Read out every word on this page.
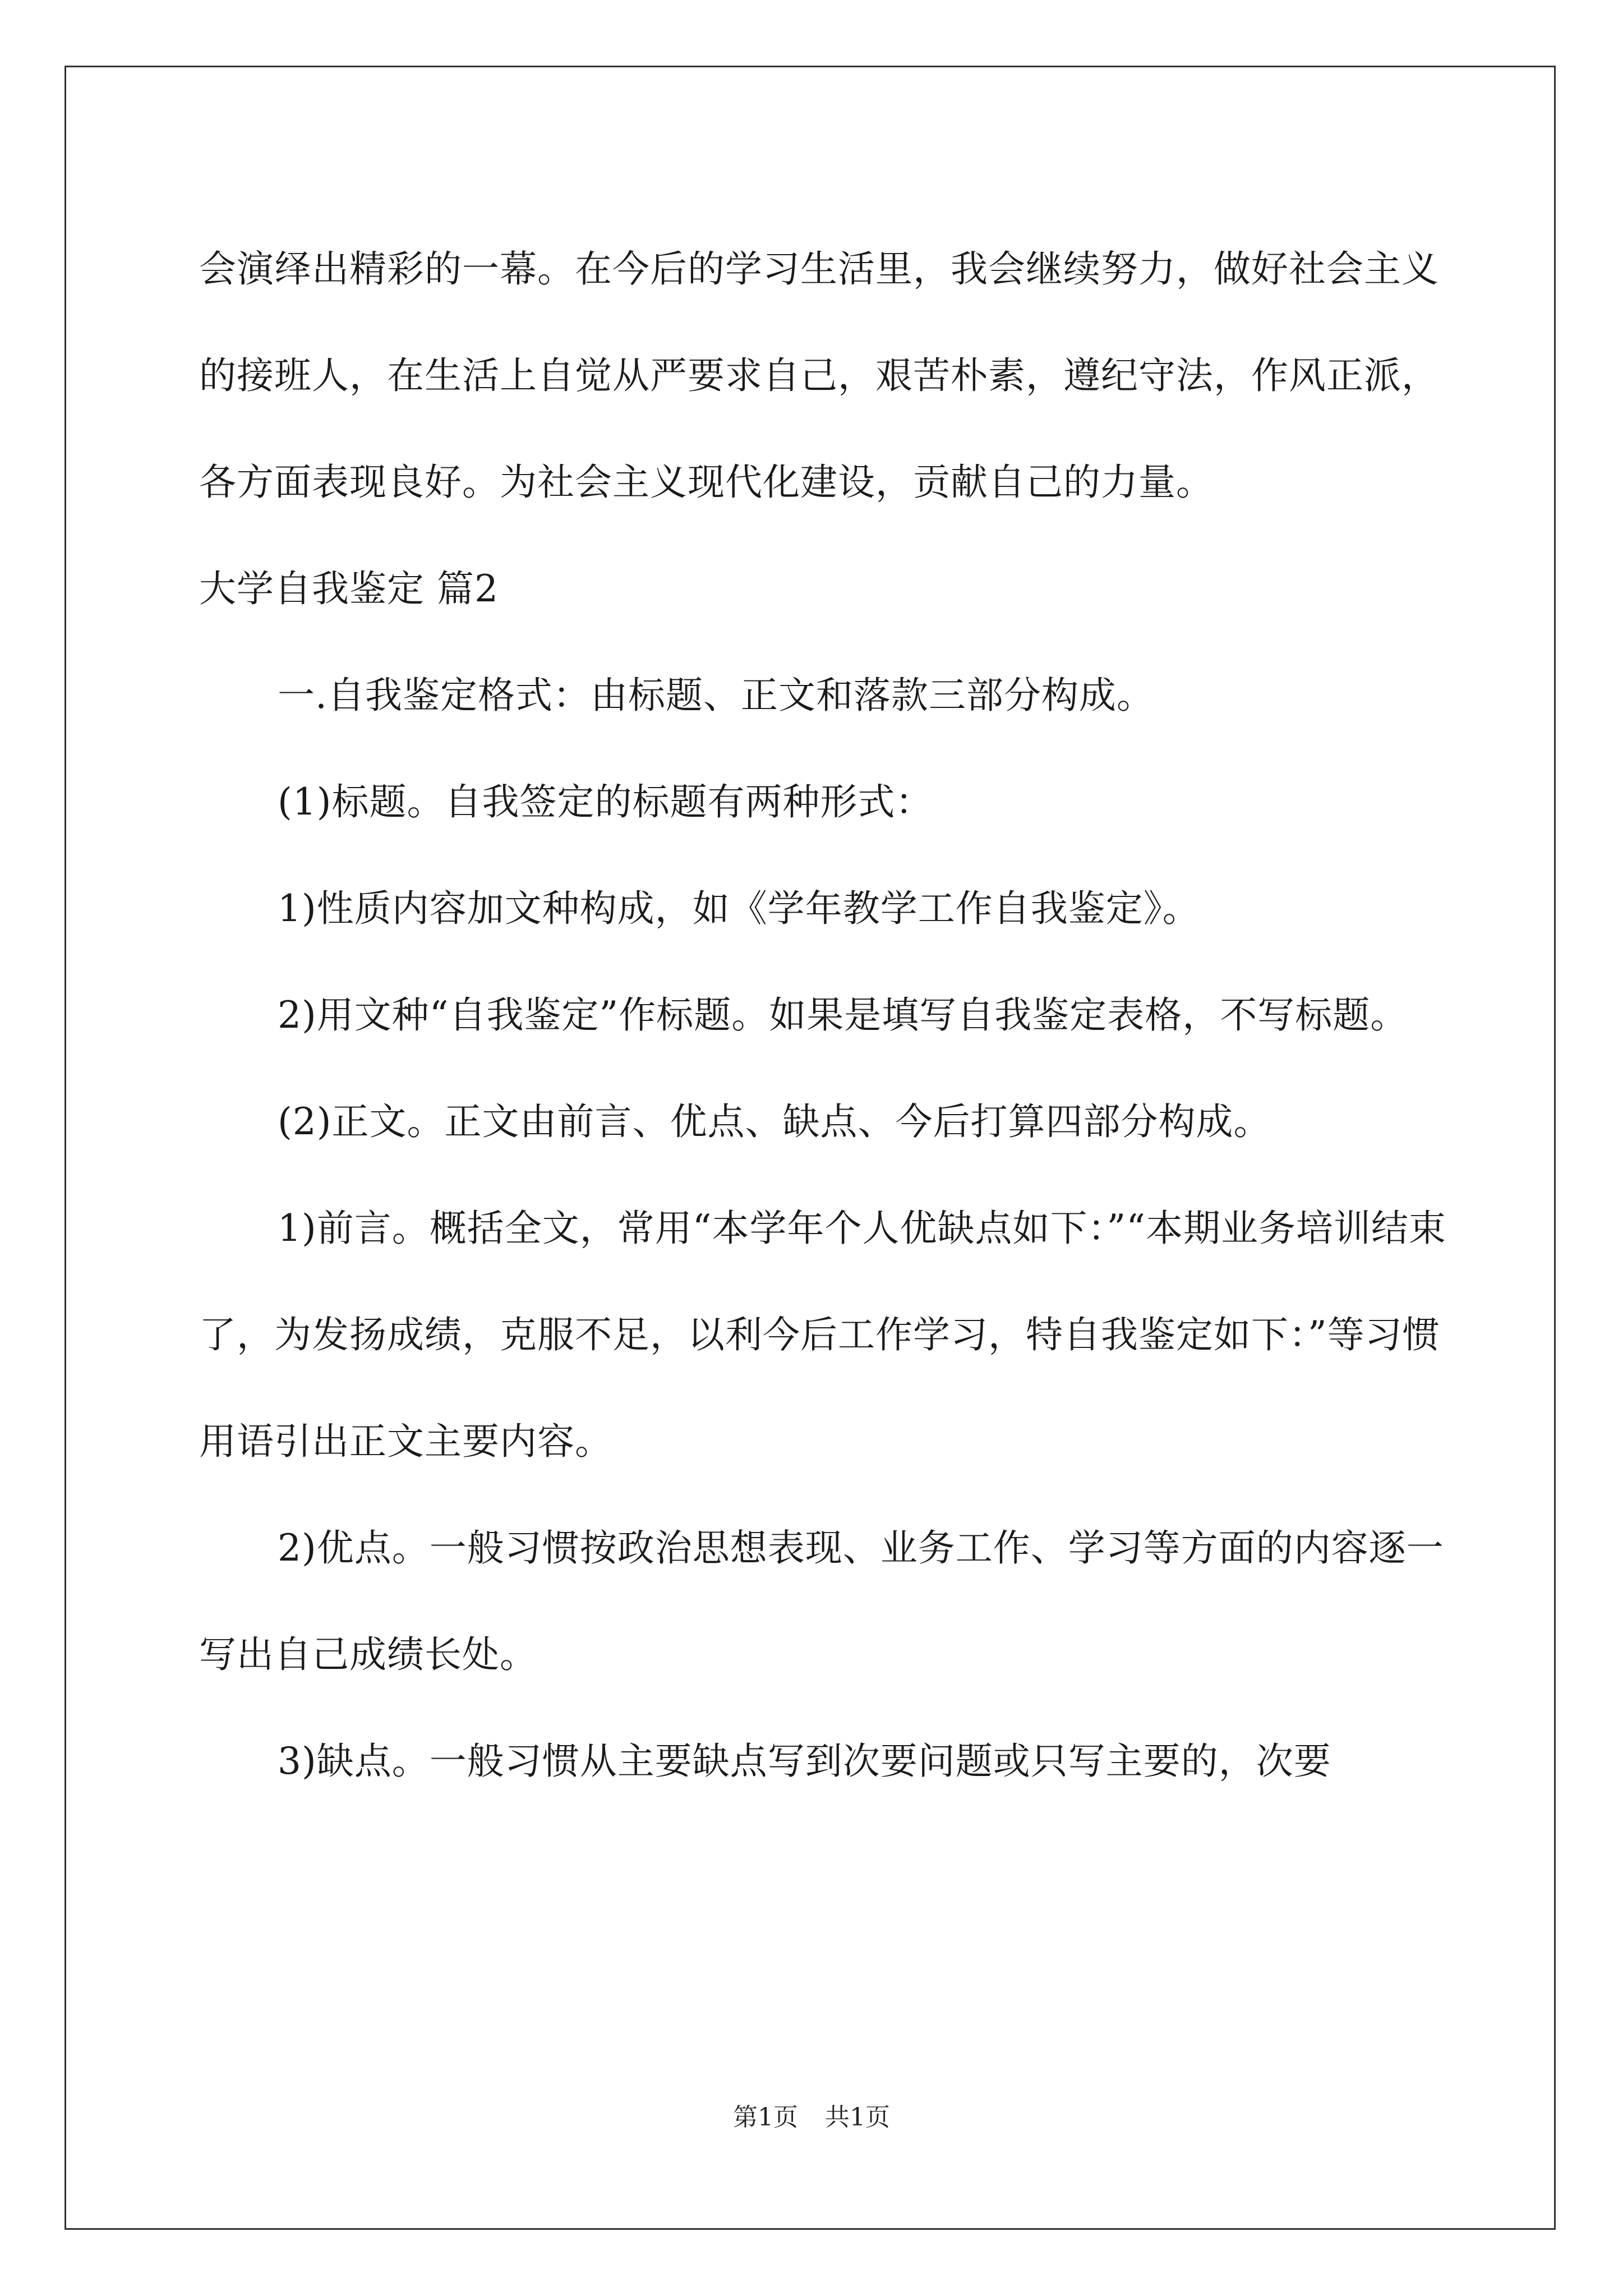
会演绎出精彩的一幕。在今后的学习生活里，我会继续努力，做好社会主义的接班人，在生活上自觉从严要求自己，艰苦朴素，遵纪守法，作风正派，各方面表现良好。为社会主义现代化建设，贡献自己的力量。

大学自我鉴定 篇2

一.自我鉴定格式：由标题、正文和落款三部分构成。

(1)标题。自我签定的标题有两种形式：

1)性质内容加文种构成，如《学年教学工作自我鉴定》。

2)用文种“自我鉴定”作标题。如果是填写自我鉴定表格，不写标题。

(2)正文。正文由前言、优点、缺点、今后打算四部分构成。

1)前言。概括全文，常用“本学年个人优缺点如下：”“本期业务培训结束了，为发扬成绩，克服不足，以利今后工作学习，特自我鉴定如下：”等习惯用语引出正文主要内容。

2)优点。一般习惯按政治思想表现、业务工作、学习等方面的内容逐一写出自己成绩长处。

3)缺点。一般习惯从主要缺点写到次要问题或只写主要的，次要

第1页 共1页
